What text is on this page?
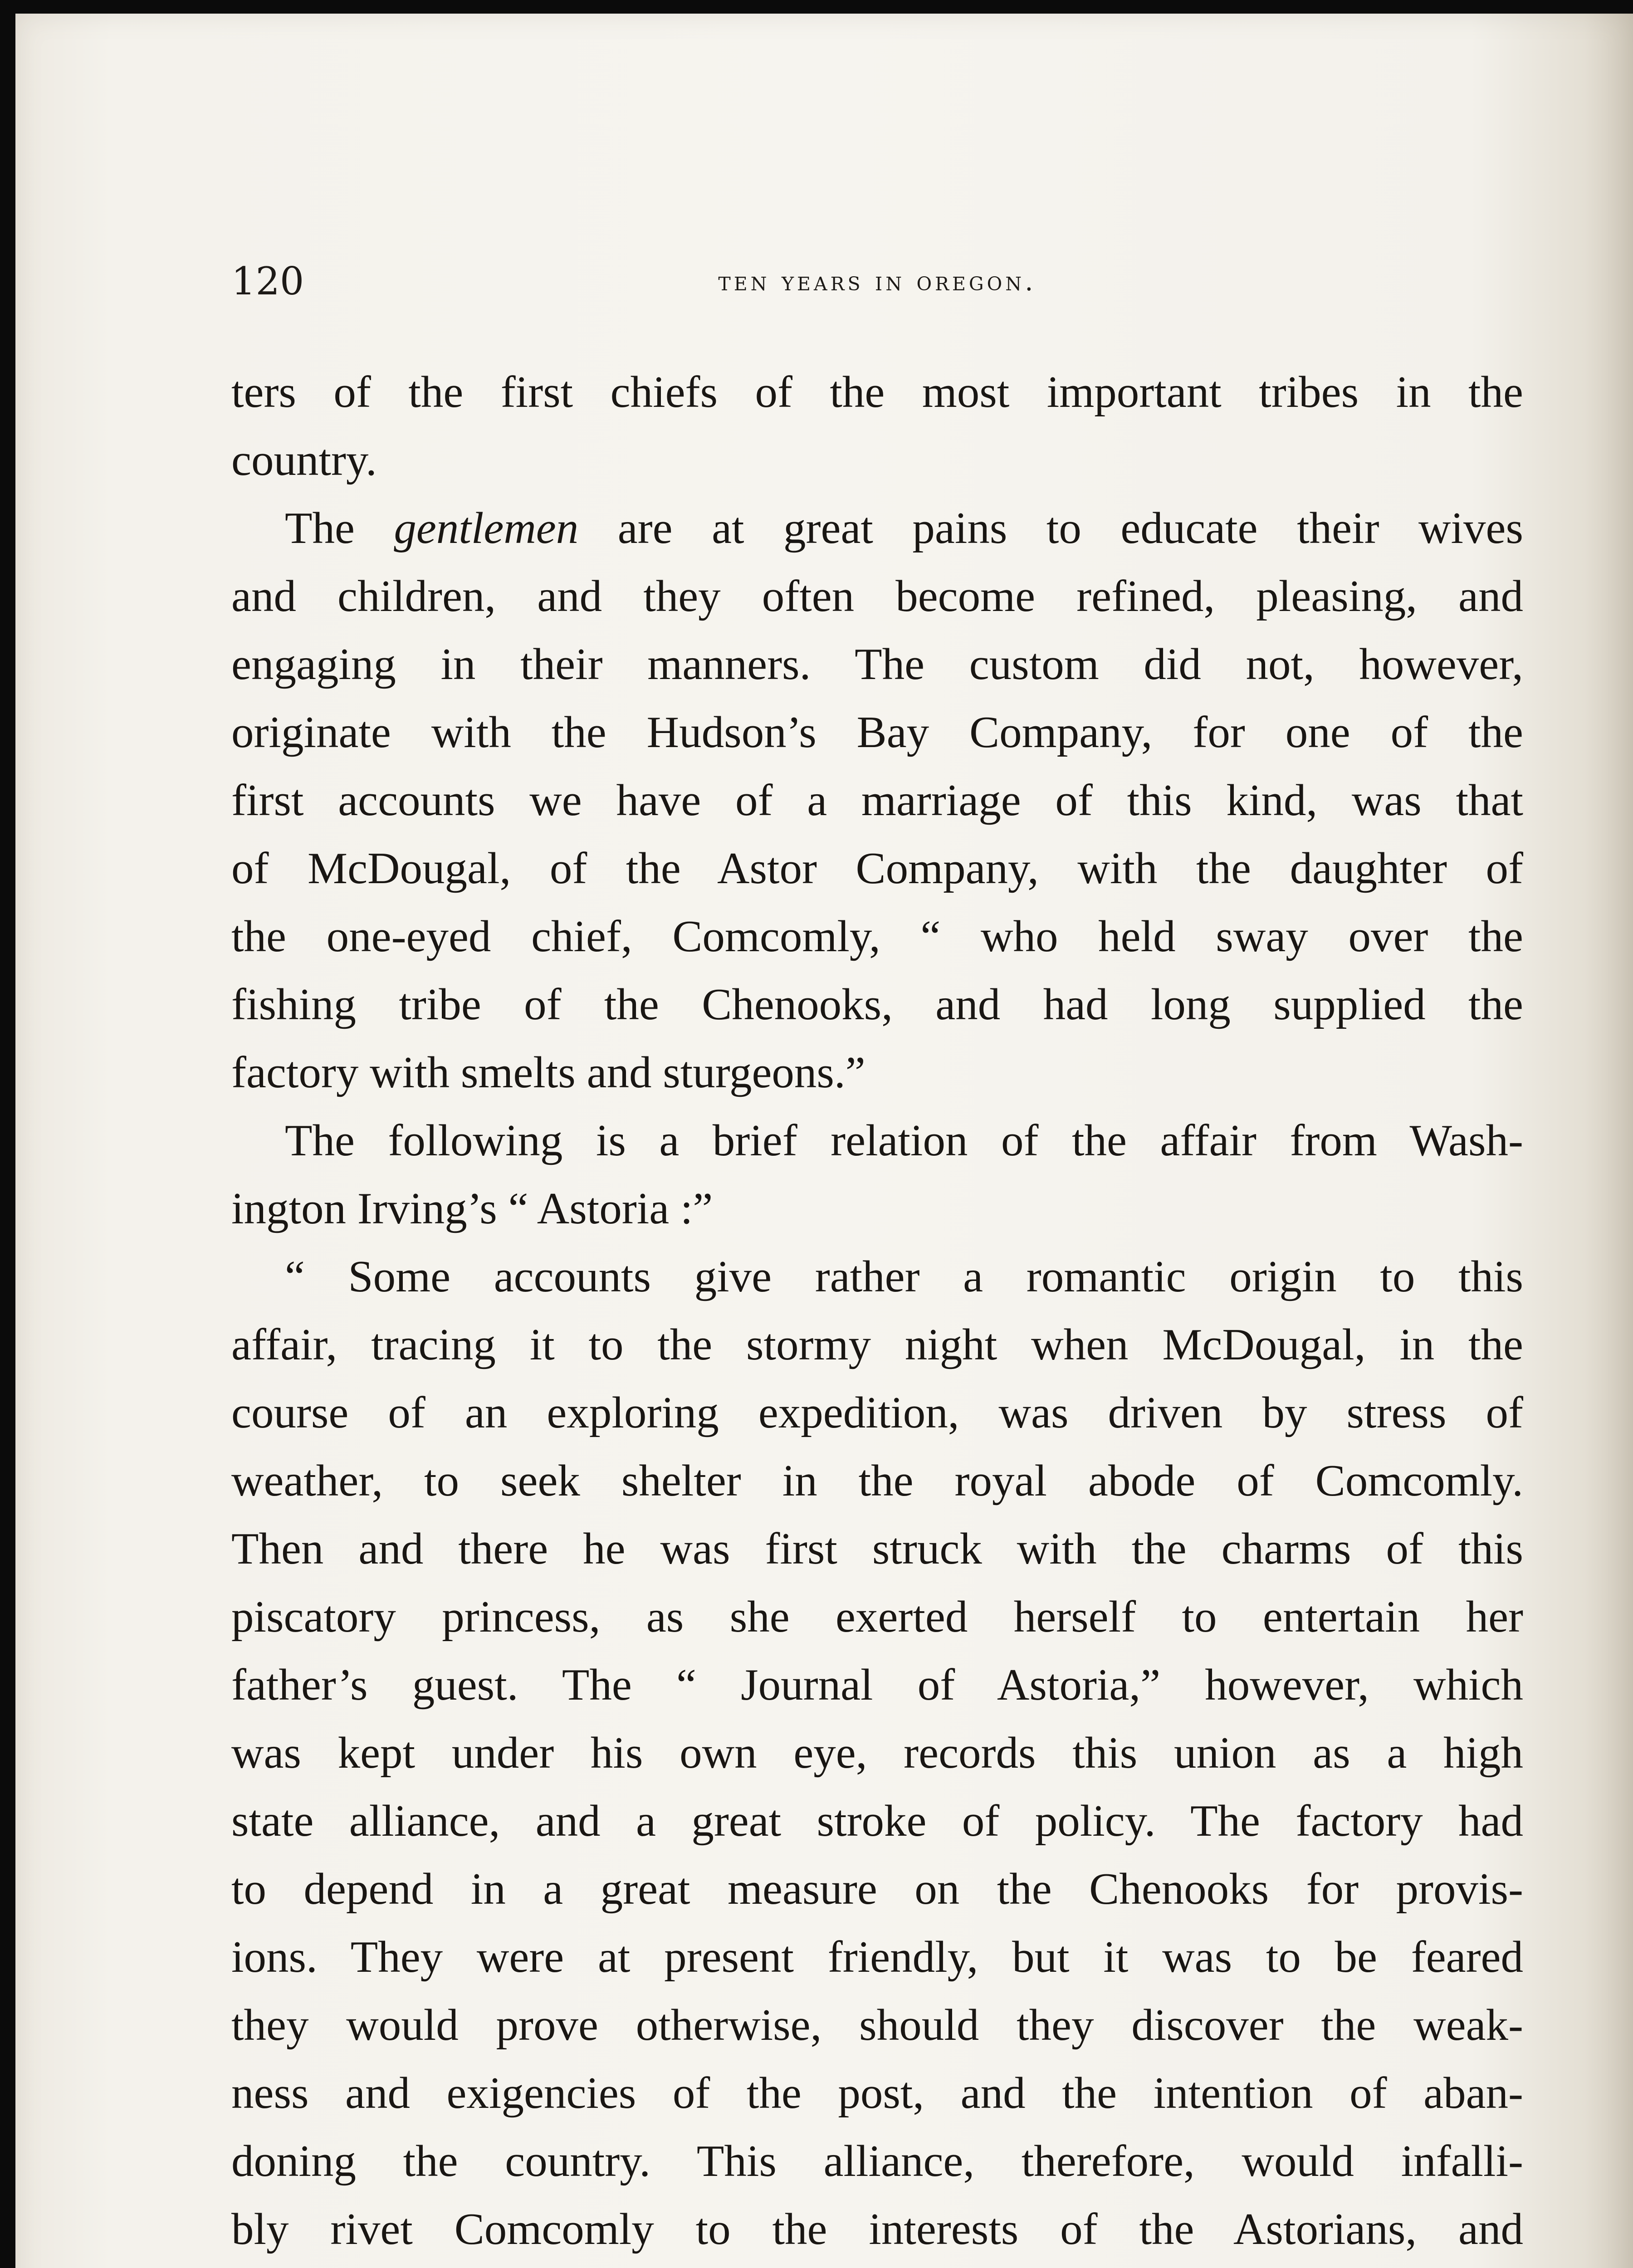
120	ten years in oregon.
ters of the first chiefs of the most important tribes in the
country.
The gentlemen are at great pains to educate their wives
and children, and they often become refined, pleasing, and
engaging in their manners. The custom did not, however,
originate with the Hudson’s Bay Company, for one of the
first accounts we have of a marriage of this kind, was that
of McDougal, of the Astor Company, with the daughter of
the one-eyed chief, Comcomly, “ who held sway over the
fishing tribe of the Chenooks, and had long supplied the
factory with smelts and sturgeons.”
The following is a brief relation of the affair from Wash-
ington Irving’s “ Astoria :”
“ Some accounts give rather a romantic origin to this
affair, tracing it to the stormy night when McDougal, in the
course of an exploring expedition, was driven by stress of
weather, to seek shelter in the royal abode of Comcomly.
Then and there he was first struck with the charms of this
piscatory princess, as she exerted herself to entertain her
father’s guest. The “ Journal of Astoria,” however, which
was kept under his own eye, records this union as a high
state alliance, and a great stroke of policy. The factory had
to depend in a great measure on the Chenooks for provis-
ions. They were at present friendly, but it was to be feared
they would prove otherwise, should they discover the weak-
ness and exigencies of the post, and the intention of aban-
doning the country. This alliance, therefore, would infalli-
bly rivet Comcomly to the interests of the Astorians, and
